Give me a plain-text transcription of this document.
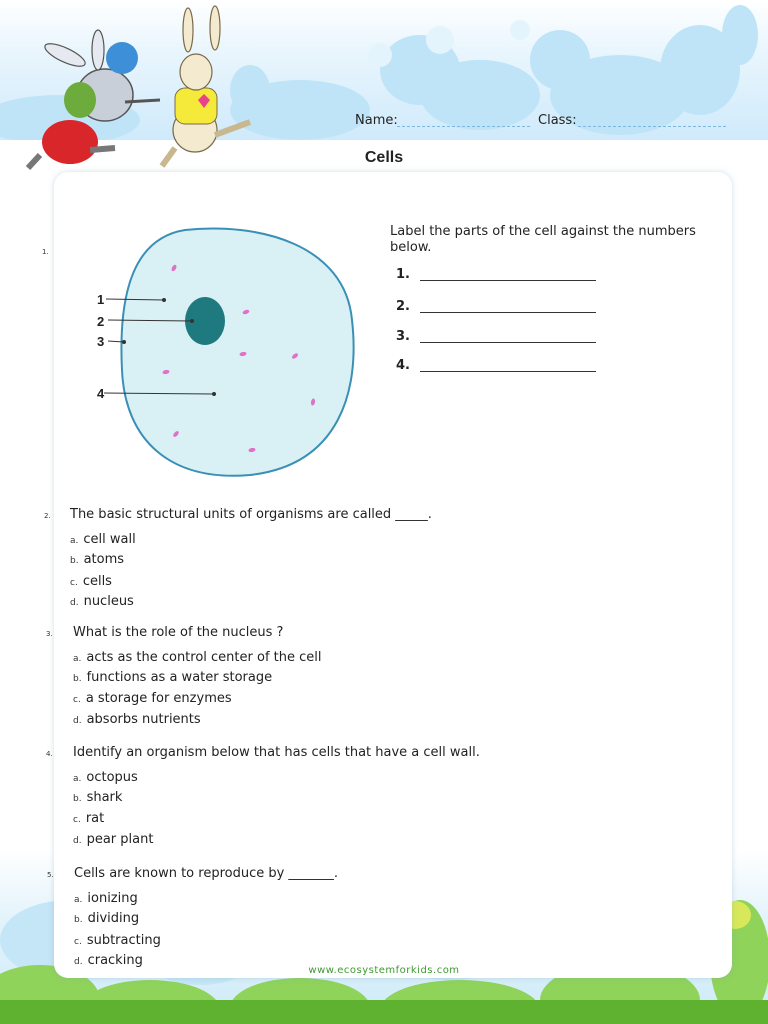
Name:	Class:
Cells
1.
1
2
3
4
Label the parts of the cell against the numbers below.
1.
2.
3.
4.
2. The basic structural units of organisms are called _____.
a. cell wall
b. atoms
c. cells
d. nucleus
3. What is the role of the nucleus ?
a. acts as the control center of the cell
b. functions as a water storage
c. a storage for enzymes
d. absorbs nutrients
4. Identify an organism below that has cells that have a cell wall.
a. octopus
b. shark
c. rat
d. pear plant
5. Cells are known to reproduce by _______.
a. ionizing
b. dividing
c. subtracting
d. cracking
www.ecosystemforkids.com
